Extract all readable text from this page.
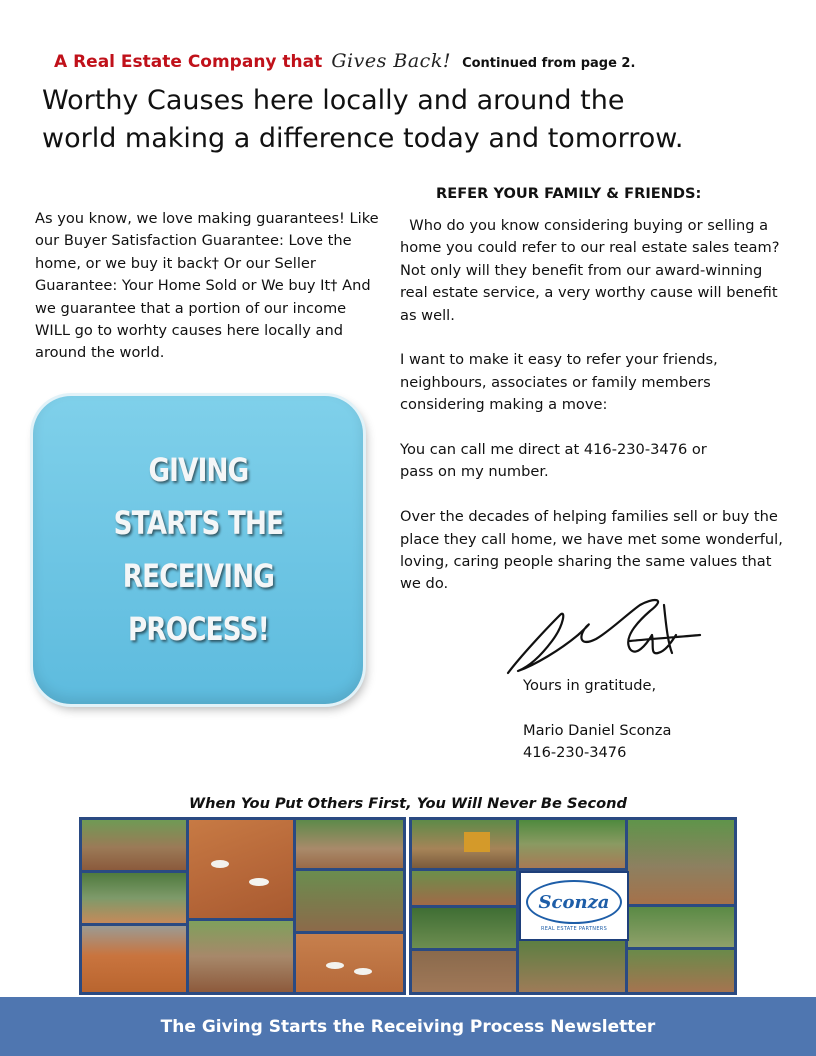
A Real Estate Company that Gives Back! Continued from page 2.
Worthy Causes here locally and around the
world making a difference today and tomorrow.
As you know, we love making guarantees! Like our Buyer Satisfaction Guarantee: Love the home, or we buy it back† Or our Seller Guarantee: Your Home Sold or We buy It† And we guarantee that a portion of our income WILL go to worhty causes here locally and around the world.
GIVING
STARTS THE
RECEIVING
PROCESS!
REFER YOUR FAMILY & FRIENDS:

Who do you know considering buying or selling a home you could refer to our real estate sales team? Not only will they benefit from our award-winning real estate service, a very worthy cause will benefit as well.

I want to make it easy to refer your friends, neighbours, associates or family members considering making a move:

You can call me direct at 416-230-3476 or
pass on my number.

Over the decades of helping families sell or buy the place they call home, we have met some wonderful, loving, caring people sharing the same values that we do.

Yours in gratitude,
Mario Daniel Sconza
416-230-3476
When You Put Others First, You Will Never Be Second
Sconza
REAL ESTATE PARTNERS
The Giving Starts the Receiving Process Newsletter
